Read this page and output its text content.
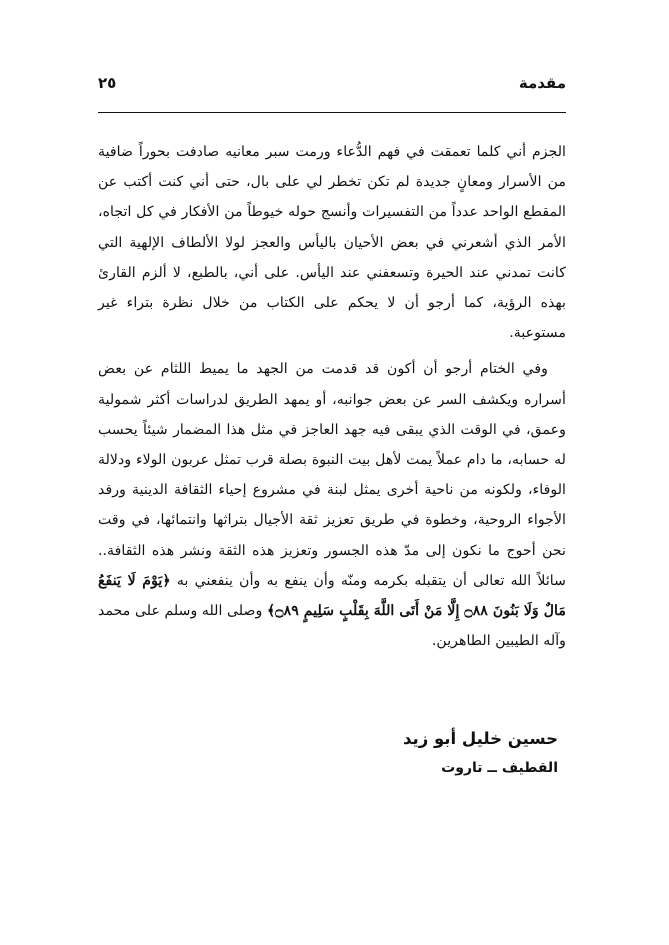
مقدمة
٢٥

الجزم أني كلما تعمقت في فهم الدُّعاء ورمت سبر معانيه صادفت بحوراً ضافية من الأسرار ومعانٍ جديدة لم تكن تخطر لي على بال، حتى أني كنت أكتب عن المقطع الواحد عدداً من التفسيرات وأنسج حوله خيوطاً من الأفكار في كل اتجاه، الأمر الذي أشعرني في بعض الأحيان باليأس والعجز لولا الألطاف الإلهية التي كانت تمدني عند الحيرة وتسعفني عند اليأس. على أني، بالطبع، لا ألزم القارئ بهذه الرؤية، كما أرجو أن لا يحكم على الكتاب من خلال نظرة بتراء غير مستوعبة.

وفي الختام أرجو أن أكون قد قدمت من الجهد ما يميط اللثام عن بعض أسراره ويكشف السر عن بعض جوانبه، أو يمهد الطريق لدراسات أكثر شمولية وعمق، في الوقت الذي يبقى فيه جهد العاجز في مثل هذا المضمار شيئاً يحسب له حسابه، ما دام عملاً يمت لأهل بيت النبوة بصلة قرب تمثل عربون الولاء ودلالة الوفاء، ولكونه من ناحية أخرى يمثل لبنة في مشروع إحياء الثقافة الدينية ورفد الأجواء الروحية، وخطوة في طريق تعزيز ثقة الأجيال بتراثها وانتمائها، في وقت نحن أحوج ما نكون إلى مدّ هذه الجسور وتعزيز هذه الثقة ونشر هذه الثقافة.. سائلاً الله تعالى أن يتقبله بكرمه ومنّه وأن ينفع به وأن ينفعني به ﴿يَوْمَ لَا يَنفَعُ مَالٌ وَلَا بَنُونَ ۝٨٨ إِلَّا مَنْ أَتَى اللَّهَ بِقَلْبٍ سَلِيمٍ ۝٨٩﴾ وصلى الله وسلم على محمد وآله الطيبين الطاهرين.

حسين خليل أبو زيد
القطيف ــ تاروت
